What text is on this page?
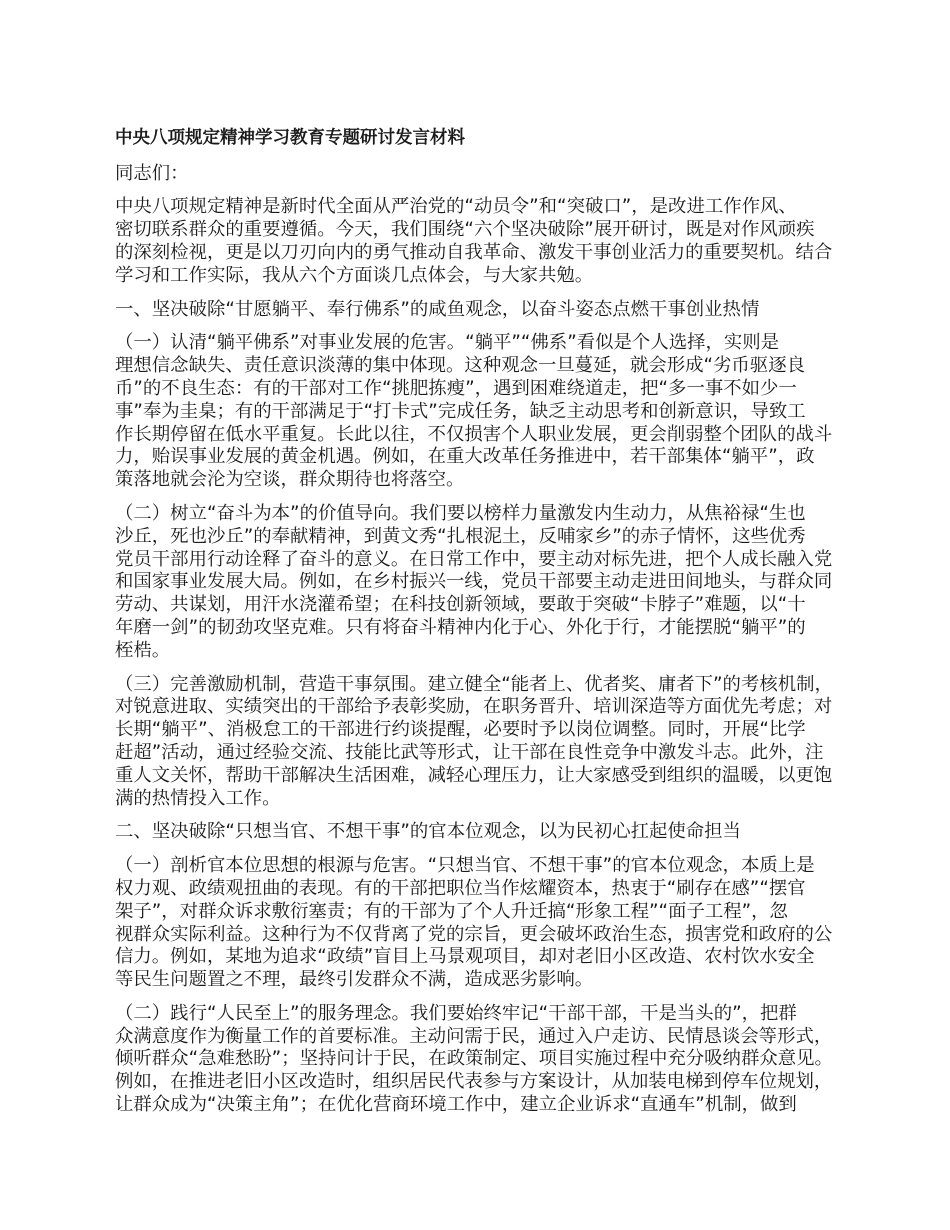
中央八项规定精神学习教育专题研讨发言材料
同志们：
中央八项规定精神是新时代全面从严治党的“动员令”和“突破口”，是改进工作作风、
密切联系群众的重要遵循。今天，我们围绕“六个坚决破除”展开研讨，既是对作风顽疾
的深刻检视，更是以刀刃向内的勇气推动自我革命、激发干事创业活力的重要契机。结合
学习和工作实际，我从六个方面谈几点体会，与大家共勉。
一、坚决破除“甘愿躺平、奉行佛系”的咸鱼观念，以奋斗姿态点燃干事创业热情
（一）认清“躺平佛系”对事业发展的危害。“躺平”“佛系”看似是个人选择，实则是
理想信念缺失、责任意识淡薄的集中体现。这种观念一旦蔓延，就会形成“劣币驱逐良
币”的不良生态：有的干部对工作“挑肥拣瘦”，遇到困难绕道走，把“多一事不如少一
事”奉为圭臬；有的干部满足于“打卡式”完成任务，缺乏主动思考和创新意识，导致工
作长期停留在低水平重复。长此以往，不仅损害个人职业发展，更会削弱整个团队的战斗
力，贻误事业发展的黄金机遇。例如，在重大改革任务推进中，若干部集体“躺平”，政
策落地就会沦为空谈，群众期待也将落空。
（二）树立“奋斗为本”的价值导向。我们要以榜样力量激发内生动力，从焦裕禄“生也
沙丘，死也沙丘”的奉献精神，到黄文秀“扎根泥土，反哺家乡”的赤子情怀，这些优秀
党员干部用行动诠释了奋斗的意义。在日常工作中，要主动对标先进，把个人成长融入党
和国家事业发展大局。例如，在乡村振兴一线，党员干部要主动走进田间地头，与群众同
劳动、共谋划，用汗水浇灌希望；在科技创新领域，要敢于突破“卡脖子”难题，以“十
年磨一剑”的韧劲攻坚克难。只有将奋斗精神内化于心、外化于行，才能摆脱“躺平”的
桎梏。
（三）完善激励机制，营造干事氛围。建立健全“能者上、优者奖、庸者下”的考核机制，
对锐意进取、实绩突出的干部给予表彰奖励，在职务晋升、培训深造等方面优先考虑；对
长期“躺平”、消极怠工的干部进行约谈提醒，必要时予以岗位调整。同时，开展“比学
赶超”活动，通过经验交流、技能比武等形式，让干部在良性竞争中激发斗志。此外，注
重人文关怀，帮助干部解决生活困难，减轻心理压力，让大家感受到组织的温暖，以更饱
满的热情投入工作。
二、坚决破除“只想当官、不想干事”的官本位观念，以为民初心扛起使命担当
（一）剖析官本位思想的根源与危害。“只想当官、不想干事”的官本位观念，本质上是
权力观、政绩观扭曲的表现。有的干部把职位当作炫耀资本，热衷于“刷存在感”“摆官
架子”，对群众诉求敷衍塞责；有的干部为了个人升迁搞“形象工程”“面子工程”，忽
视群众实际利益。这种行为不仅背离了党的宗旨，更会破坏政治生态，损害党和政府的公
信力。例如，某地为追求“政绩”盲目上马景观项目，却对老旧小区改造、农村饮水安全
等民生问题置之不理，最终引发群众不满，造成恶劣影响。
（二）践行“人民至上”的服务理念。我们要始终牢记“干部干部，干是当头的”，把群
众满意度作为衡量工作的首要标准。主动问需于民，通过入户走访、民情恳谈会等形式，
倾听群众“急难愁盼”；坚持问计于民，在政策制定、项目实施过程中充分吸纳群众意见。
例如，在推进老旧小区改造时，组织居民代表参与方案设计，从加装电梯到停车位规划，
让群众成为“决策主角”；在优化营商环境工作中，建立企业诉求“直通车”机制，做到
